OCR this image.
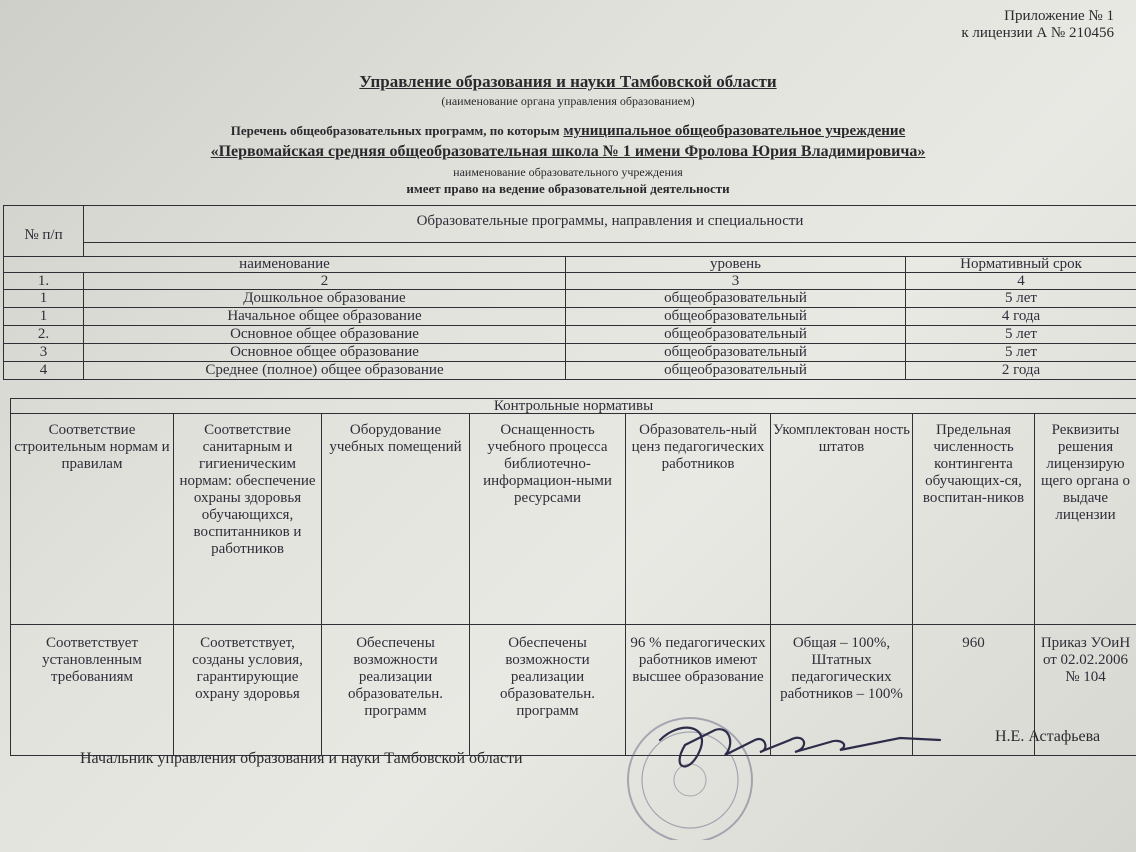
Приложение № 1
к лицензии А № 210456
Управление образования и науки Тамбовской области
(наименование органа управления образованием)
Перечень общеобразовательных программ, по которым муниципальное общеобразовательное учреждение
«Первомайская средняя общеобразовательная школа № 1 имени Фролова Юрия Владимировича»
наименование образовательного учреждения
имеет право на ведение образовательной деятельности
№ п/п	Образовательные программы, направления и специальности		

наименование		уровень	Нормативный срок
1.	2	3	4
1	Дошкольное образование	общеобразовательный	5 лет
1	Начальное общее образование	общеобразовательный	4 года
2.	Основное общее образование	общеобразовательный	5 лет
3	Основное общее образование	общеобразовательный	5 лет
4	Среднее (полное) общее образование	общеобразовательный	2 года
Контрольные нормативы							
Соответствие строительным нормам и правилам	Соответствие санитарным и гигиеническим нормам: обеспечение охраны здоровья обучающихся, воспитанников и работников	Оборудование учебных помещений	Оснащенность учебного процесса библиотечно-информацион-ными ресурсами	Образователь-ный ценз педагогических работников	Укомплектован ность штатов	Предельная численность контингента обучающих-ся, воспитан-ников	Реквизиты решения лицензирую щего органа о выдаче лицензии
Соответствует установленным требованиям	Соответствует, созданы условия, гарантирующие охрану здоровья	Обеспечены возможности реализации образовательн. программ	Обеспечены возможности реализации образовательн. программ	96 % педагогических работников имеют высшее образование	Общая – 100%, Штатных педагогических работников – 100%	960	Приказ УОиН от 02.02.2006 № 104
Н.Е. Астафьева
Начальник управления образования и науки Тамбовской области
